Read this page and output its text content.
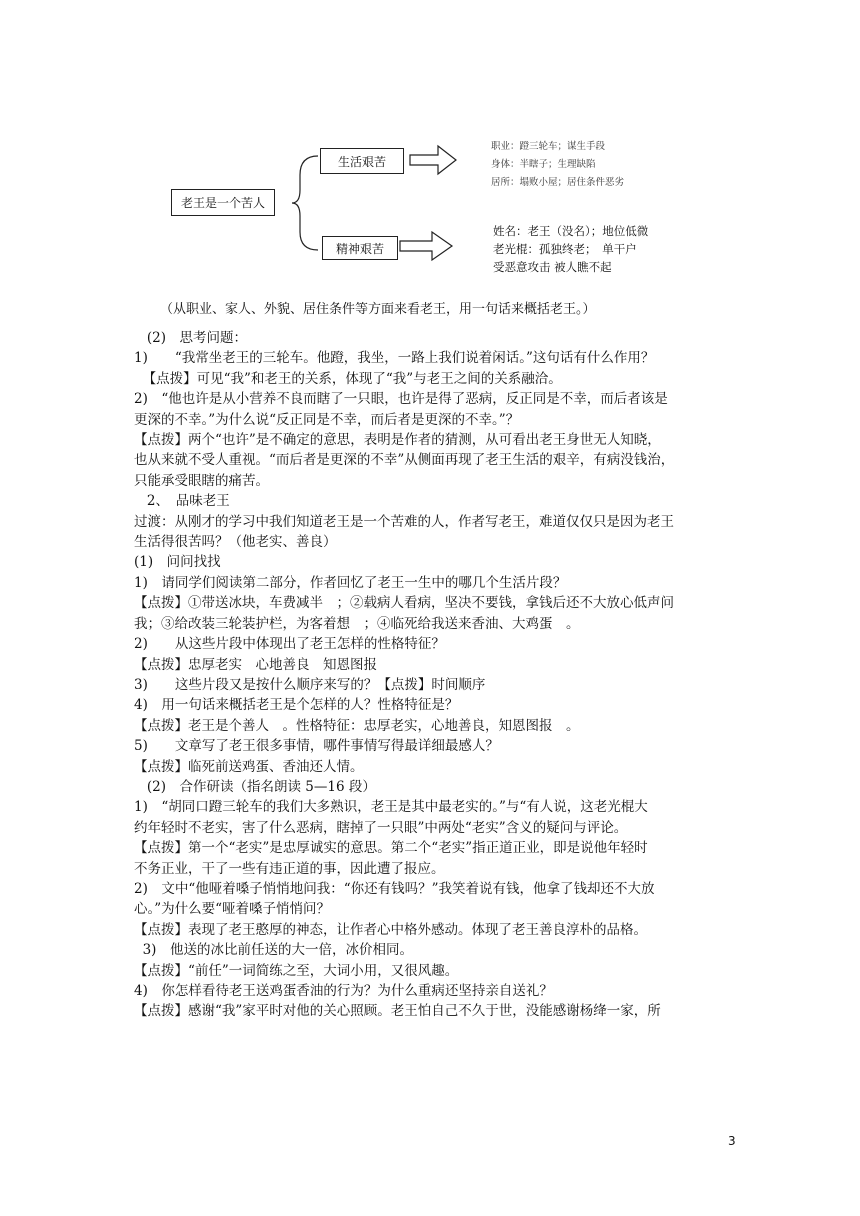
老王是一个苦人
生活艰苦
精神艰苦
职业：蹬三轮车；谋生手段
身体：半瞎子；生理缺陷
居所：塌败小屋；居住条件恶劣
姓名：老王（没名）；地位低微
老光棍：孤独终老；　单干户
受恶意攻击 被人瞧不起
（从职业、家人、外貌、居住条件等方面来看老王，用一句话来概括老王。）

(2)　思考问题：

1)　　“我常坐老王的三轮车。他蹬，我坐，一路上我们说着闲话。”这句话有什么作用？

【点拨】可见“我”和老王的关系，体现了“我”与老王之间的关系融洽。

2)　“他也许是从小营养不良而瞎了一只眼，也许是得了恶病，反正同是不幸，而后者该是

更深的不幸。”为什么说“反正同是不幸，而后者是更深的不幸。”？

【点拨】两个“也许”是不确定的意思，表明是作者的猜测，从可看出老王身世无人知晓，

也从来就不受人重视。“而后者是更深的不幸”从侧面再现了老王生活的艰辛，有病没钱治，

只能承受眼瞎的痛苦。

2、　品味老王

过渡：从刚才的学习中我们知道老王是一个苦难的人，作者写老王，难道仅仅只是因为老王

生活得很苦吗？（他老实、善良）

(1)　问问找找

1)　请同学们阅读第二部分，作者回忆了老王一生中的哪几个生活片段？

【点拨】①带送冰块，车费减半　；②载病人看病，坚决不要钱，拿钱后还不大放心低声问

我；③给改装三轮装护栏，为客着想　；④临死给我送来香油、大鸡蛋　。

2)　　从这些片段中体现出了老王怎样的性格特征？

【点拨】忠厚老实　心地善良　知恩图报

3)　　这些片段又是按什么顺序来写的？【点拨】时间顺序

4)　用一句话来概括老王是个怎样的人？性格特征是？

【点拨】老王是个善人　。性格特征：忠厚老实，心地善良，知恩图报　。

5)　　文章写了老王很多事情，哪件事情写得最详细最感人？

【点拨】临死前送鸡蛋、香油还人情。

(2)　合作研读（指名朗读 5—16 段）

1)　“胡同口蹬三轮车的我们大多熟识，老王是其中最老实的。”与“有人说，这老光棍大

约年轻时不老实，害了什么恶病，瞎掉了一只眼”中两处“老实”含义的疑问与评论。

【点拨】第一个“老实”是忠厚诚实的意思。第二个“老实”指正道正业，即是说他年轻时

不务正业，干了一些有违正道的事，因此遭了报应。

2)　文中“他哑着嗓子悄悄地问我：“你还有钱吗？”我笑着说有钱，他拿了钱却还不大放

心。”为什么要“哑着嗓子悄悄问？

【点拨】表现了老王憨厚的神态，让作者心中格外感动。体现了老王善良淳朴的品格。

3)　他送的冰比前任送的大一倍，冰价相同。

【点拨】“前任”一词简练之至，大词小用，又很风趣。

4)　你怎样看待老王送鸡蛋香油的行为？为什么重病还坚持亲自送礼？

【点拨】感谢“我”家平时对他的关心照顾。老王怕自己不久于世，没能感谢杨绛一家，所

3
